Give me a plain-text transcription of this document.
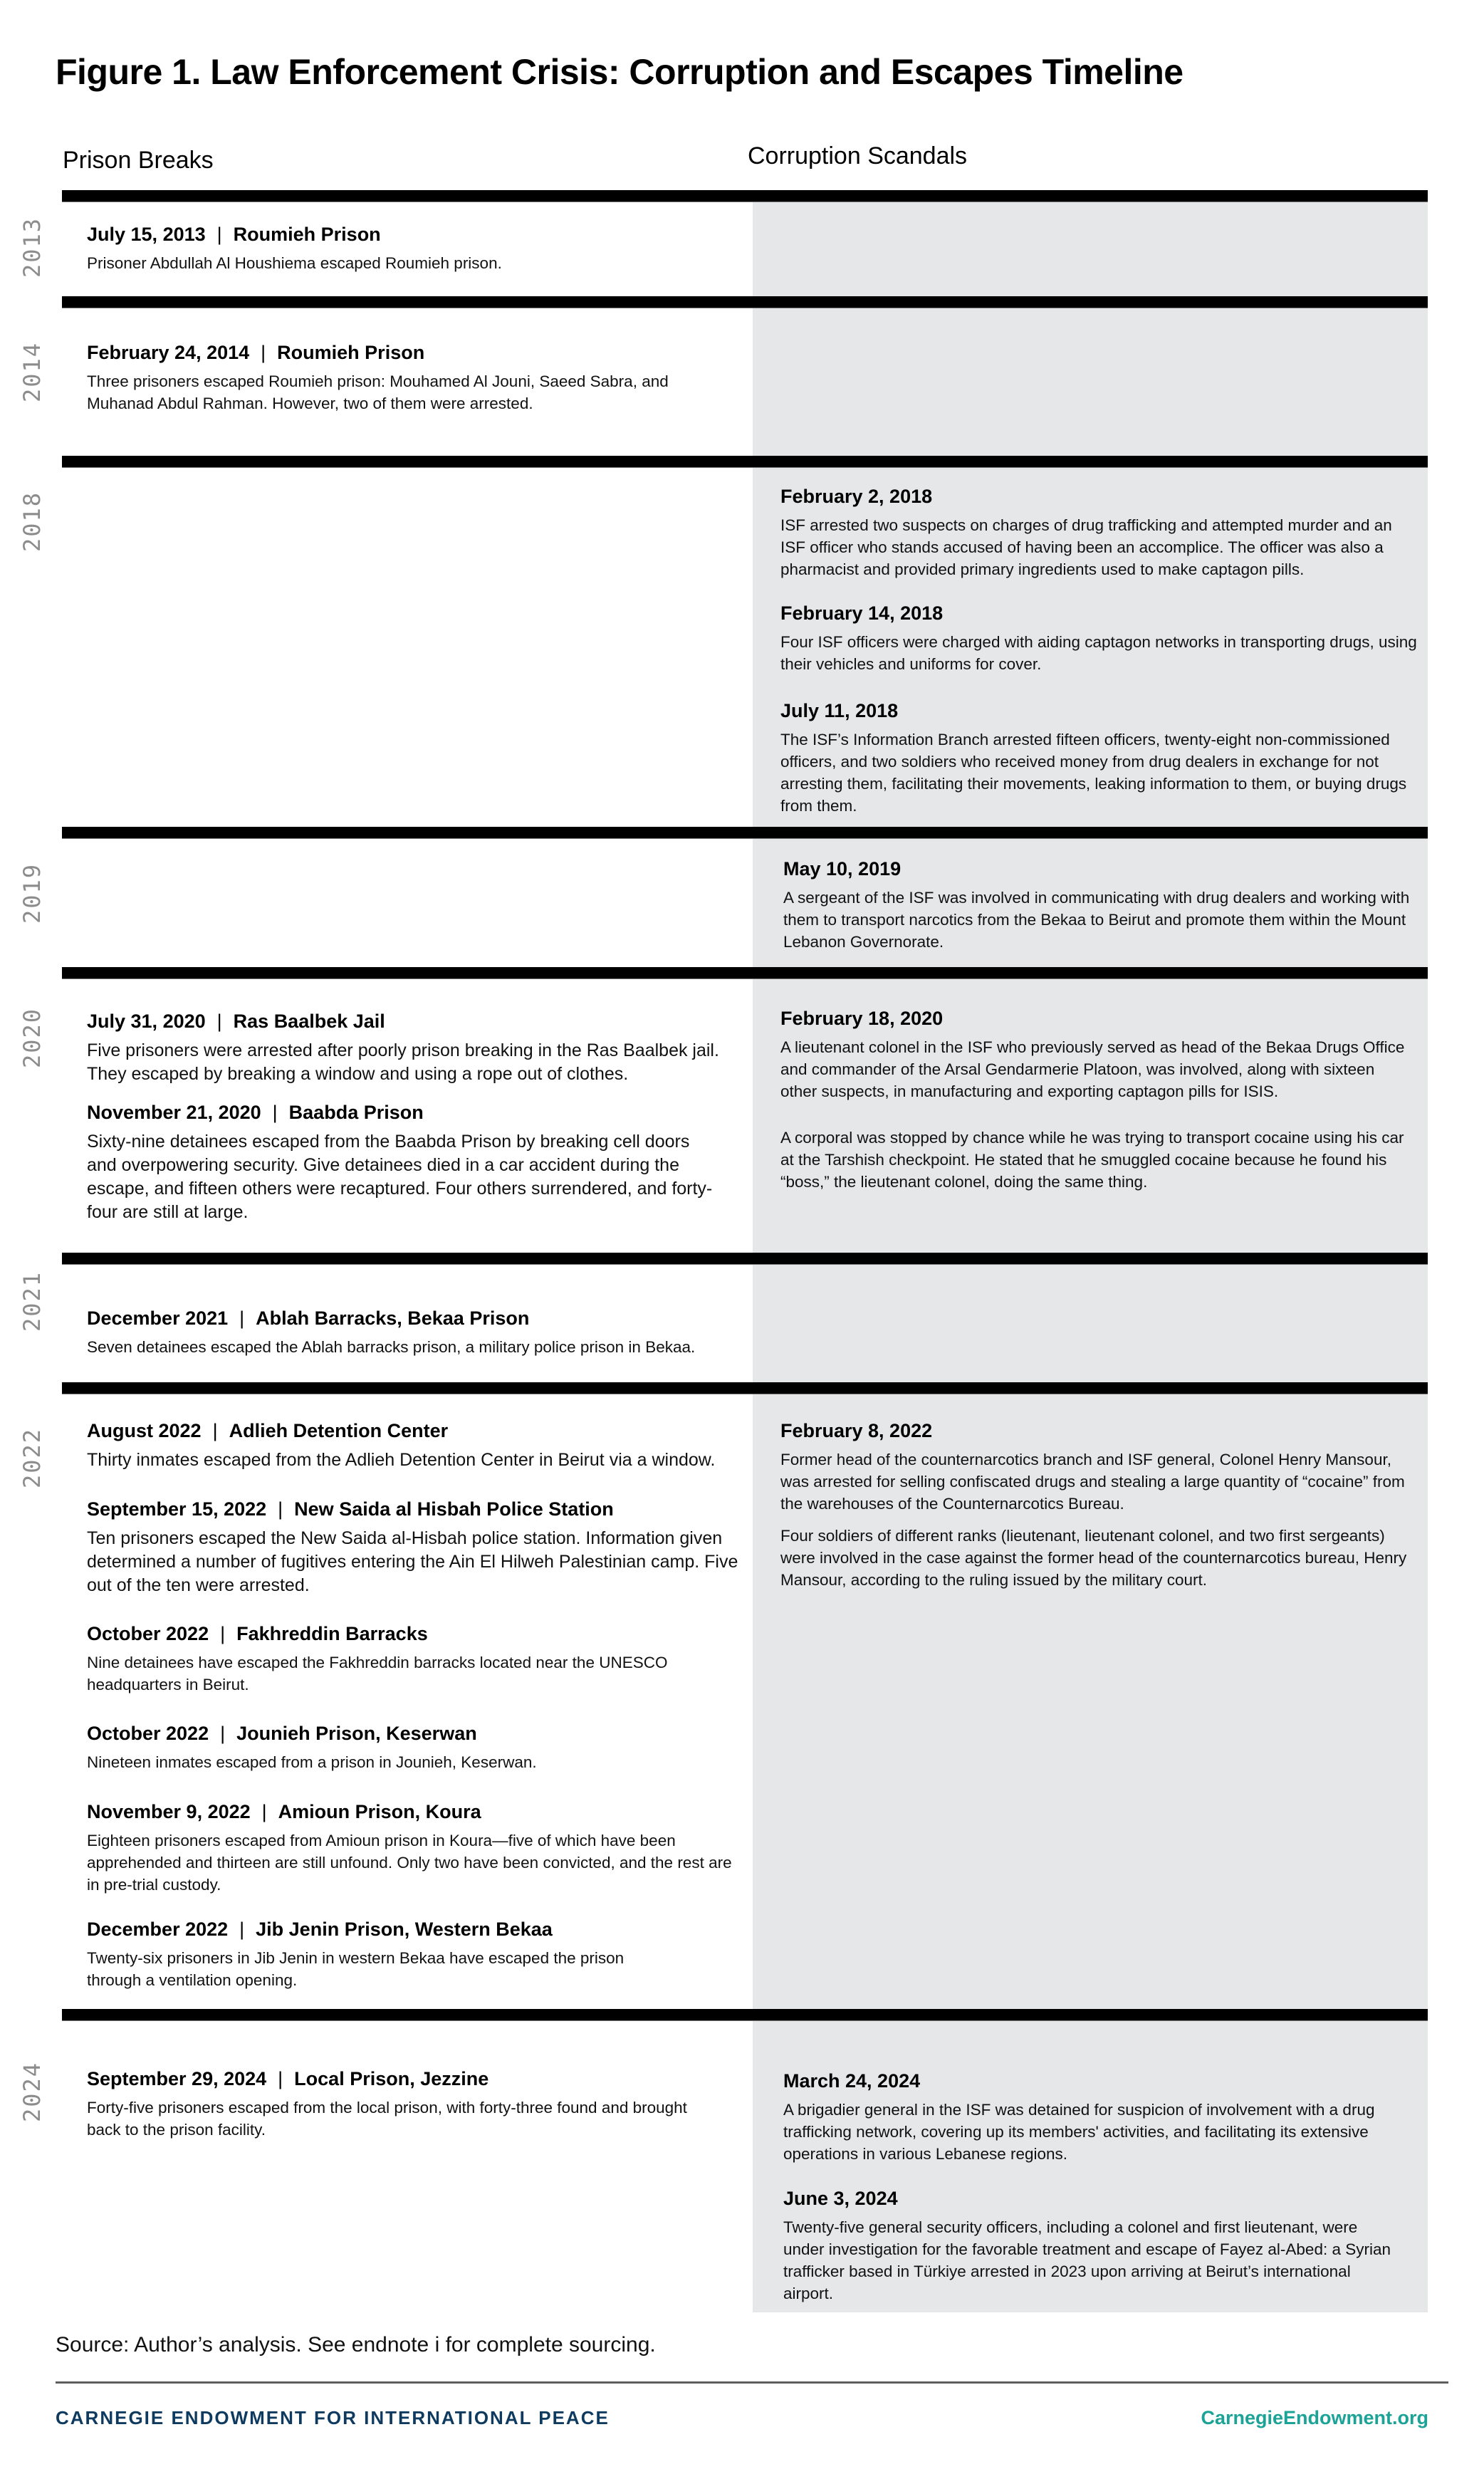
Figure 1. Law Enforcement Crisis: Corruption and Escapes Timeline
Prison Breaks	Corruption Scandals
2013
2014
2018
2019
2020
2021
2022
2024
July 15, 2013 | Roumieh Prison
Prisoner Abdullah Al Houshiema escaped Roumieh prison.
February 24, 2014 | Roumieh Prison
Three prisoners escaped Roumieh prison: Mouhamed Al Jouni, Saeed Sabra, and Muhanad Abdul Rahman. However, two of them were arrested.
July 31, 2020 | Ras Baalbek Jail
Five prisoners were arrested after poorly prison breaking in the Ras Baalbek jail. They escaped by breaking a window and using a rope out of clothes.
November 21, 2020 | Baabda Prison
Sixty-nine detainees escaped from the Baabda Prison by breaking cell doors and overpowering security. Give detainees died in a car accident during the escape, and fifteen others were recaptured. Four others surrendered, and forty-four are still at large.
December 2021 | Ablah Barracks, Bekaa Prison
Seven detainees escaped the Ablah barracks prison, a military police prison in Bekaa.
August 2022 | Adlieh Detention Center
Thirty inmates escaped from the Adlieh Detention Center in Beirut via a window.
September 15, 2022 | New Saida al Hisbah Police Station
Ten prisoners escaped the New Saida al-Hisbah police station. Information given determined a number of fugitives entering the Ain El Hilweh Palestinian camp. Five out of the ten were arrested.
October 2022 | Fakhreddin Barracks
Nine detainees have escaped the Fakhreddin barracks located near the UNESCO headquarters in Beirut.
October 2022 | Jounieh Prison, Keserwan
Nineteen inmates escaped from a prison in Jounieh, Keserwan.
November 9, 2022 | Amioun Prison, Koura
Eighteen prisoners escaped from Amioun prison in Koura—five of which have been apprehended and thirteen are still unfound. Only two have been convicted, and the rest are in pre-trial custody.
December 2022 | Jib Jenin Prison, Western Bekaa
Twenty-six prisoners in Jib Jenin in western Bekaa have escaped the prison through a ventilation opening.
September 29, 2024 | Local Prison, Jezzine
Forty-five prisoners escaped from the local prison, with forty-three found and brought back to the prison facility.
February 2, 2018
ISF arrested two suspects on charges of drug trafficking and attempted murder and an ISF officer who stands accused of having been an accomplice. The officer was also a pharmacist and provided primary ingredients used to make captagon pills.
February 14, 2018
Four ISF officers were charged with aiding captagon networks in transporting drugs, using their vehicles and uniforms for cover.
July 11, 2018
The ISF’s Information Branch arrested fifteen officers, twenty-eight non-commissioned officers, and two soldiers who received money from drug dealers in exchange for not arresting them, facilitating their movements, leaking information to them, or buying drugs from them.
May 10, 2019
A sergeant of the ISF was involved in communicating with drug dealers and working with them to transport narcotics from the Bekaa to Beirut and promote them within the Mount Lebanon Governorate.
February 18, 2020
A lieutenant colonel in the ISF who previously served as head of the Bekaa Drugs Office and commander of the Arsal Gendarmerie Platoon, was involved, along with sixteen other suspects, in manufacturing and exporting captagon pills for ISIS.
A corporal was stopped by chance while he was trying to transport cocaine using his car at the Tarshish checkpoint. He stated that he smuggled cocaine because he found his “boss,” the lieutenant colonel, doing the same thing.
February 8, 2022
Former head of the counternarcotics branch and ISF general, Colonel Henry Mansour, was arrested for selling confiscated drugs and stealing a large quantity of “cocaine” from the warehouses of the Counternarcotics Bureau.
Four soldiers of different ranks (lieutenant, lieutenant colonel, and two first sergeants) were involved in the case against the former head of the counternarcotics bureau, Henry Mansour, according to the ruling issued by the military court.
March 24, 2024
A brigadier general in the ISF was detained for suspicion of involvement with a drug trafficking network, covering up its members' activities, and facilitating its extensive operations in various Lebanese regions.
June 3, 2024
Twenty-five general security officers, including a colonel and first lieutenant, were under investigation for the favorable treatment and escape of Fayez al-Abed: a Syrian trafficker based in Türkiye arrested in 2023 upon arriving at Beirut’s international airport.
Source: Author’s analysis. See endnote i for complete sourcing.
CARNEGIE ENDOWMENT FOR INTERNATIONAL PEACE	CarnegieEndowment.org
